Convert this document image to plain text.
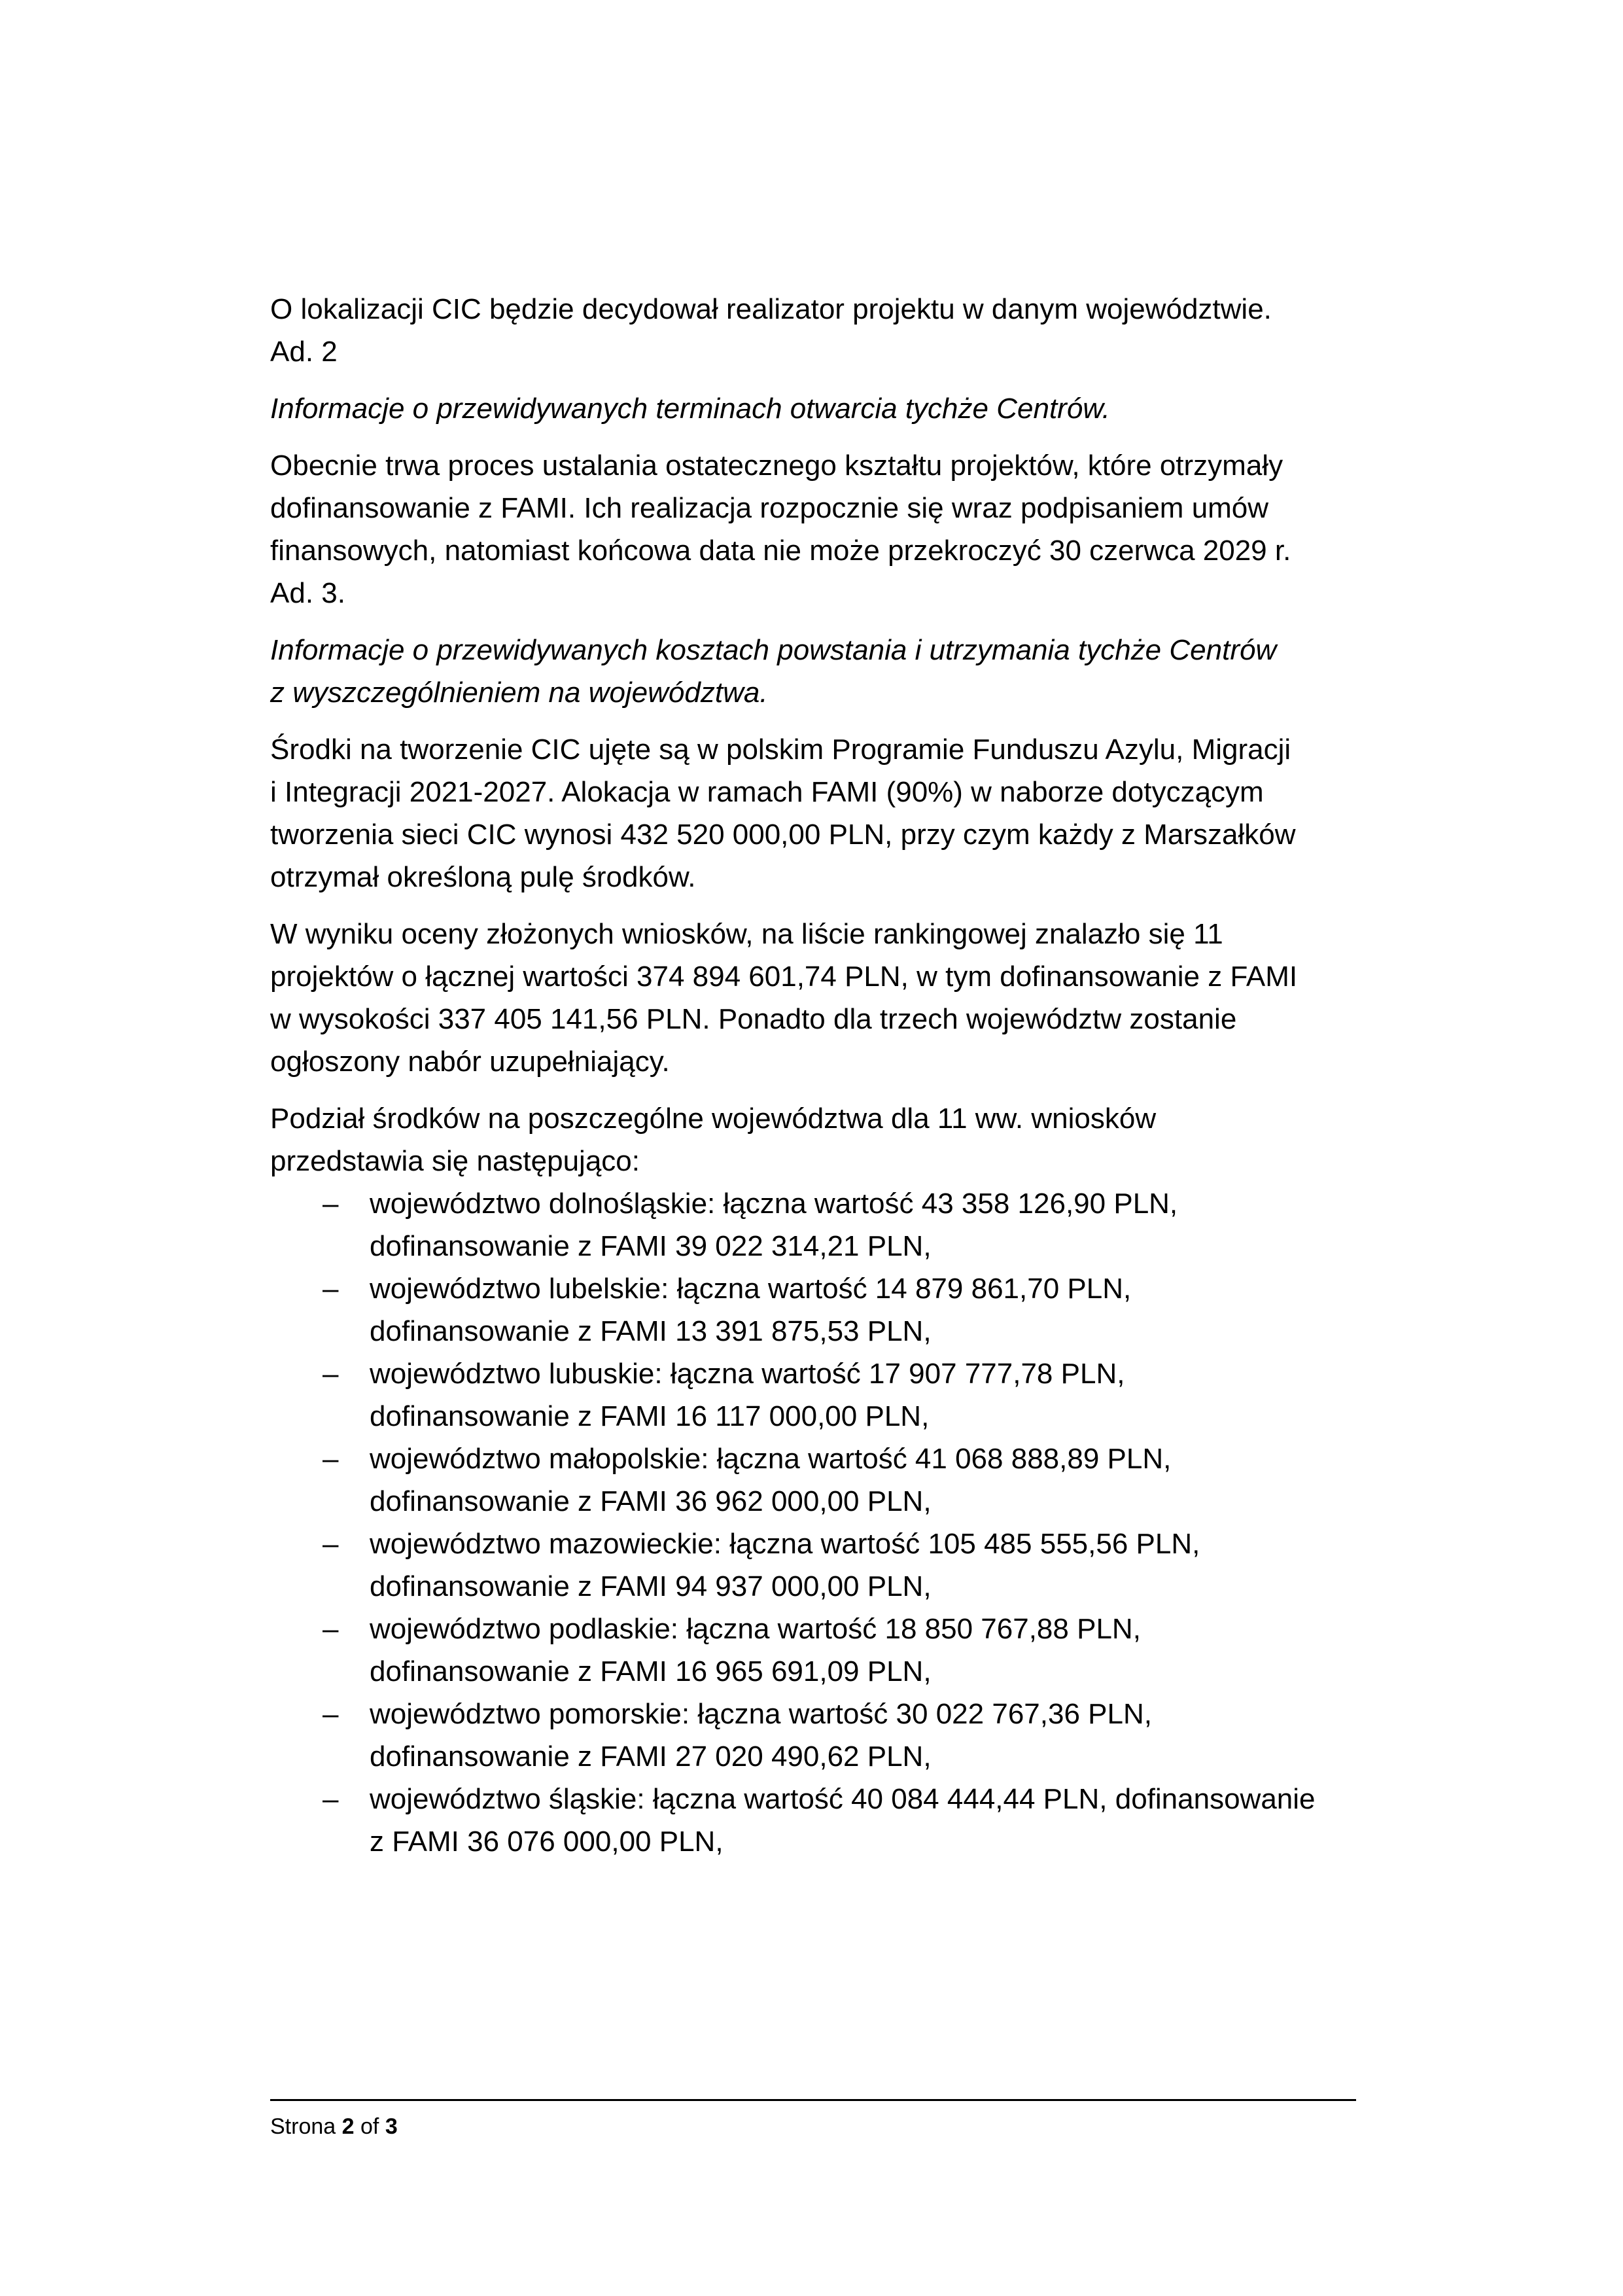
O lokalizacji CIC będzie decydował realizator projektu w danym województwie.

Ad. 2

Informacje o przewidywanych terminach otwarcia tychże Centrów.

Obecnie trwa proces ustalania ostatecznego kształtu projektów, które otrzymały
dofinansowanie z FAMI. Ich realizacja rozpocznie się wraz podpisaniem umów
finansowych, natomiast końcowa data nie może przekroczyć 30 czerwca 2029 r.

Ad. 3.

Informacje o przewidywanych kosztach powstania i utrzymania tychże Centrów
z wyszczególnieniem na województwa.
Środki na tworzenie CIC ujęte są w polskim Programie Funduszu Azylu, Migracji
i Integracji 2021-2027. Alokacja w ramach FAMI (90%) w naborze dotyczącym
tworzenia sieci CIC wynosi 432 520 000,00 PLN, przy czym każdy z Marszałków
otrzymał określoną pulę środków.
W wyniku oceny złożonych wniosków, na liście rankingowej znalazło się 11
projektów o łącznej wartości 374 894 601,74 PLN, w tym dofinansowanie z FAMI
w wysokości 337 405 141,56 PLN. Ponadto dla trzech województw zostanie
ogłoszony nabór uzupełniający.
Podział środków na poszczególne województwa dla 11 ww. wniosków
przedstawia się następująco:
– województwo dolnośląskie: łączna wartość 43 358 126,90 PLN,
dofinansowanie z FAMI 39 022 314,21 PLN,
– województwo lubelskie: łączna wartość 14 879 861,70 PLN,
dofinansowanie z FAMI 13 391 875,53 PLN,
– województwo lubuskie: łączna wartość 17 907 777,78 PLN,
dofinansowanie z FAMI 16 117 000,00 PLN,
– województwo małopolskie: łączna wartość 41 068 888,89 PLN,
dofinansowanie z FAMI 36 962 000,00 PLN,
– województwo mazowieckie: łączna wartość 105 485 555,56 PLN,
dofinansowanie z FAMI 94 937 000,00 PLN,
– województwo podlaskie: łączna wartość 18 850 767,88 PLN,
dofinansowanie z FAMI 16 965 691,09 PLN,
– województwo pomorskie: łączna wartość 30 022 767,36 PLN,
dofinansowanie z FAMI 27 020 490,62 PLN,
– województwo śląskie: łączna wartość 40 084 444,44 PLN, dofinansowanie
z FAMI 36 076 000,00 PLN,
Strona 2 of 3
